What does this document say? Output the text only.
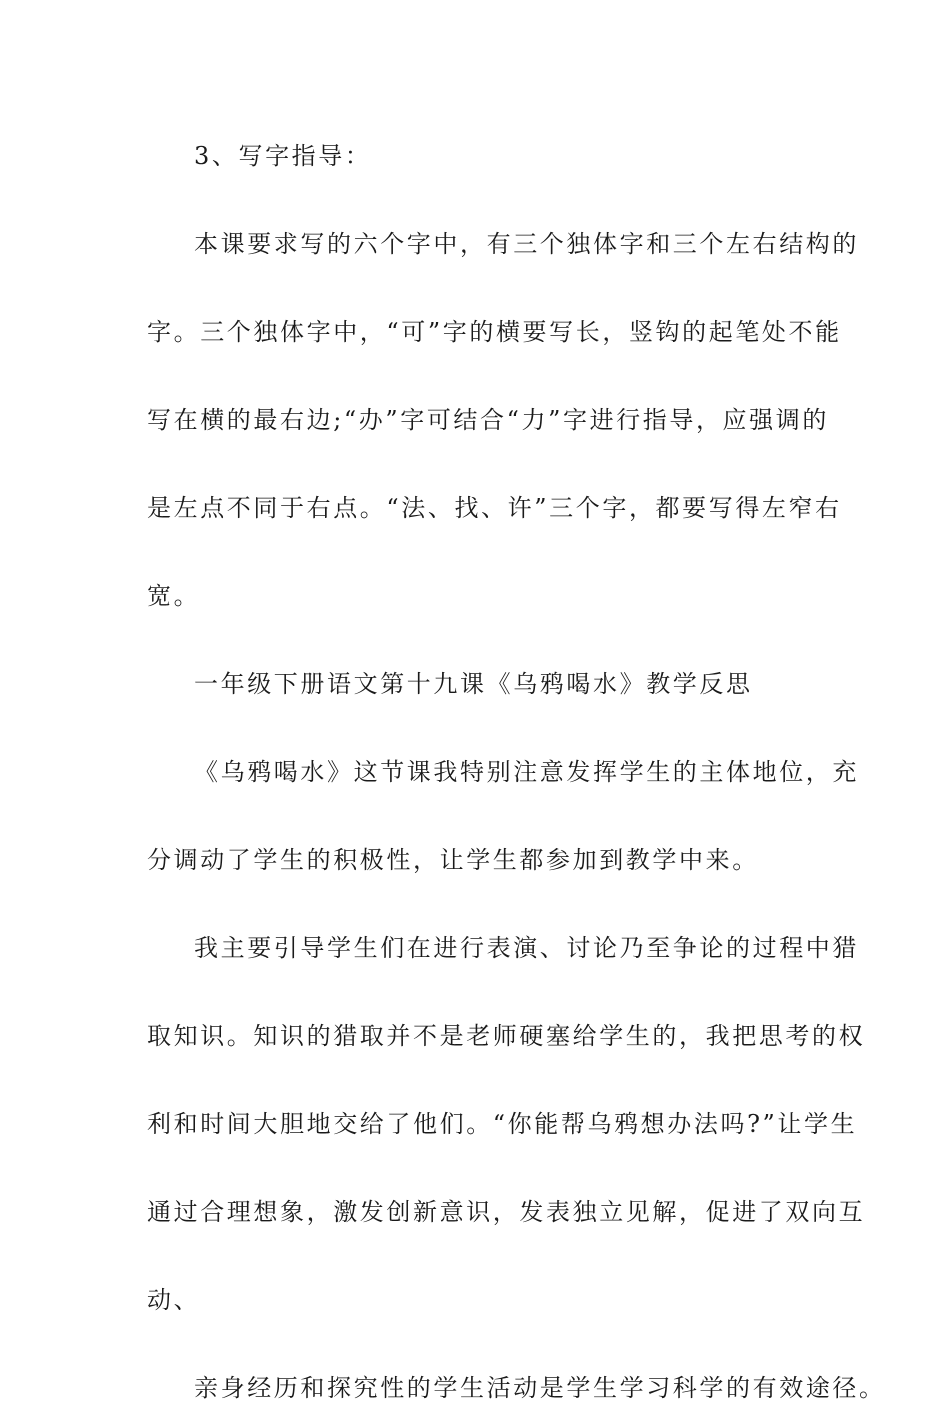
3、写字指导：
本课要求写的六个字中，有三个独体字和三个左右结构的
字。三个独体字中，“可”字的横要写长，竖钩的起笔处不能
写在横的最右边;“办”字可结合“力”字进行指导，应强调的
是左点不同于右点。“法、找、许”三个字，都要写得左窄右
宽。
一年级下册语文第十九课《乌鸦喝水》教学反思
《乌鸦喝水》这节课我特别注意发挥学生的主体地位，充
分调动了学生的积极性，让学生都参加到教学中来。
我主要引导学生们在进行表演、讨论乃至争论的过程中猎
取知识。知识的猎取并不是老师硬塞给学生的，我把思考的权
利和时间大胆地交给了他们。“你能帮乌鸦想办法吗?”让学生
通过合理想象，激发创新意识，发表独立见解，促进了双向互
动、
亲身经历和探究性的学生活动是学生学习科学的有效途径。
